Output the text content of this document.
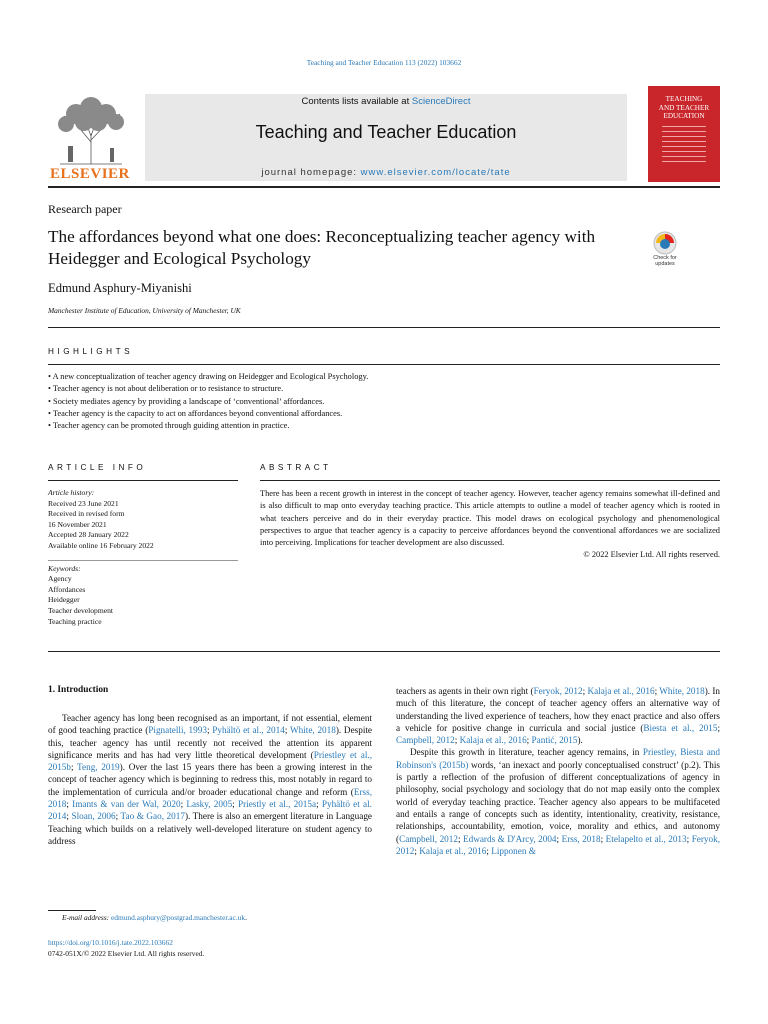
Teaching and Teacher Education 113 (2022) 103662
ELSEVIER
Contents lists available at ScienceDirect
Teaching and Teacher Education
journal homepage: www.elsevier.com/locate/tate
TEACHING
AND TEACHER
EDUCATION
Research paper
The affordances beyond what one does: Reconceptualizing teacher agency with Heidegger and Ecological Psychology	Check for
updates
Edmund Asphury-Miyanishi
Manchester Institute of Education, University of Manchester, UK
HIGHLIGHTS
• A new conceptualization of teacher agency drawing on Heidegger and Ecological Psychology.
• Teacher agency is not about deliberation or to resistance to structure.
• Society mediates agency by providing a landscape of ‘conventional’ affordances.
• Teacher agency is the capacity to act on affordances beyond conventional affordances.
• Teacher agency can be promoted through guiding attention in practice.
ARTICLE INFO	ABSTRACT
Article history:
Received 23 June 2021
Received in revised form
16 November 2021
Accepted 28 January 2022
Available online 16 February 2022
Keywords:
Agency
Affordances
Heidegger
Teacher development
Teaching practice
There has been a recent growth in interest in the concept of teacher agency. However, teacher agency remains somewhat ill-defined and is also difficult to map onto everyday teaching practice. This article attempts to outline a model of teacher agency which is rooted in what teachers perceive and do in their everyday practice. This model draws on ecological psychology and phenomenological perspectives to argue that teacher agency is a capacity to perceive affordances beyond the conventional affordances we are socialized into perceiving. Implications for teacher development are also discussed.
© 2022 Elsevier Ltd. All rights reserved.
1. Introduction
Teacher agency has long been recognised as an important, if not essential, element of good teaching practice (Pignatelli, 1993; Pyhältö et al., 2014; White, 2018). Despite this, teacher agency has until recently not received the attention its apparent significance merits and has had very little theoretical development (Priestley et al., 2015b; Teng, 2019). Over the last 15 years there has been a growing interest in the concept of teacher agency which is beginning to redress this, most notably in regard to the implementation of curricula and/or broader educational change and reform (Erss, 2018; Imants & van der Wal, 2020; Lasky, 2005; Priestly et al., 2015a; Pyhältö et al. 2014; Sloan, 2006; Tao & Gao, 2017). There is also an emergent literature in Language Teaching which builds on a relatively well-developed literature on student agency to address

teachers as agents in their own right (Feryok, 2012; Kalaja et al., 2016; White, 2018). In much of this literature, the concept of teacher agency offers an alternative way of understanding the lived experience of teachers, how they enact practice and also offers a vehicle for positive change in curricula and social justice (Biesta et al., 2015; Campbell, 2012; Kalaja et al., 2016; Pantić, 2015).

Despite this growth in literature, teacher agency remains, in Priestley, Biesta and Robinson's (2015b) words, ‘an inexact and poorly conceptualised construct’ (p.2). This is partly a reflection of the profusion of different conceptualizations of agency in philosophy, social psychology and sociology that do not map easily onto the complex world of everyday teaching practice. Teacher agency also appears to be multifaceted and entails a range of concepts such as identity, intentionality, creativity, resistance, relationships, accountability, emotion, voice, morality and ethics, and autonomy (Campbell, 2012; Edwards & D'Arcy, 2004; Erss, 2018; Etelapelto et al., 2013; Feryok, 2012; Kalaja et al., 2016; Lipponen &

E-mail address: edmund.asphury@postgrad.manchester.ac.uk.
https://doi.org/10.1016/j.tate.2022.103662
0742-051X/© 2022 Elsevier Ltd. All rights reserved.
